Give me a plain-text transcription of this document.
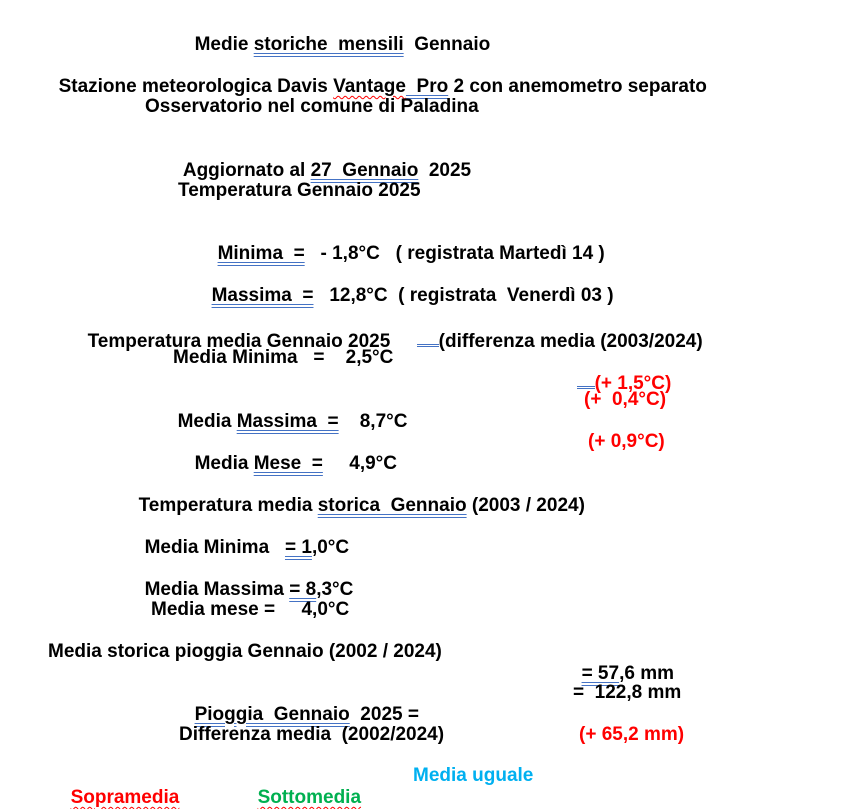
Medie storiche  mensili  Gennaio

Stazione meteorologica Davis Vantage Pro 2 con anemometro separato

Osservatorio nel comune di Paladina

Aggiornato al 27  Gennaio  2025

Temperatura Gennaio 2025

Minima  =   - 1,8°C   ( registrata Martedì 14 )

Massima  =   12,8°C  ( registrata  Venerdì 03 )

Temperatura media Gennaio 2025     (differenza media (2003/2024)

Media Minima   =    2,5°C

(+ 1,5°C)

Media Massima  =    8,7°C

(+  0,4°C)

Media Mese  =     4,9°C

(+ 0,9°C)

Temperatura media storica  Gennaio (2003 / 2024)

Media Minima   = 1,0°C

Media Massima = 8,3°C

Media mese =     4,0°C
Media storica pioggia Gennaio (2002 / 2024)

= 57,6 mm

Pioggia  Gennaio  2025 =

=  122,8 mm
Differenza media  (2002/2024)	(+ 65,2 mm)

Sopramedia	Sottomedia

Media uguale
